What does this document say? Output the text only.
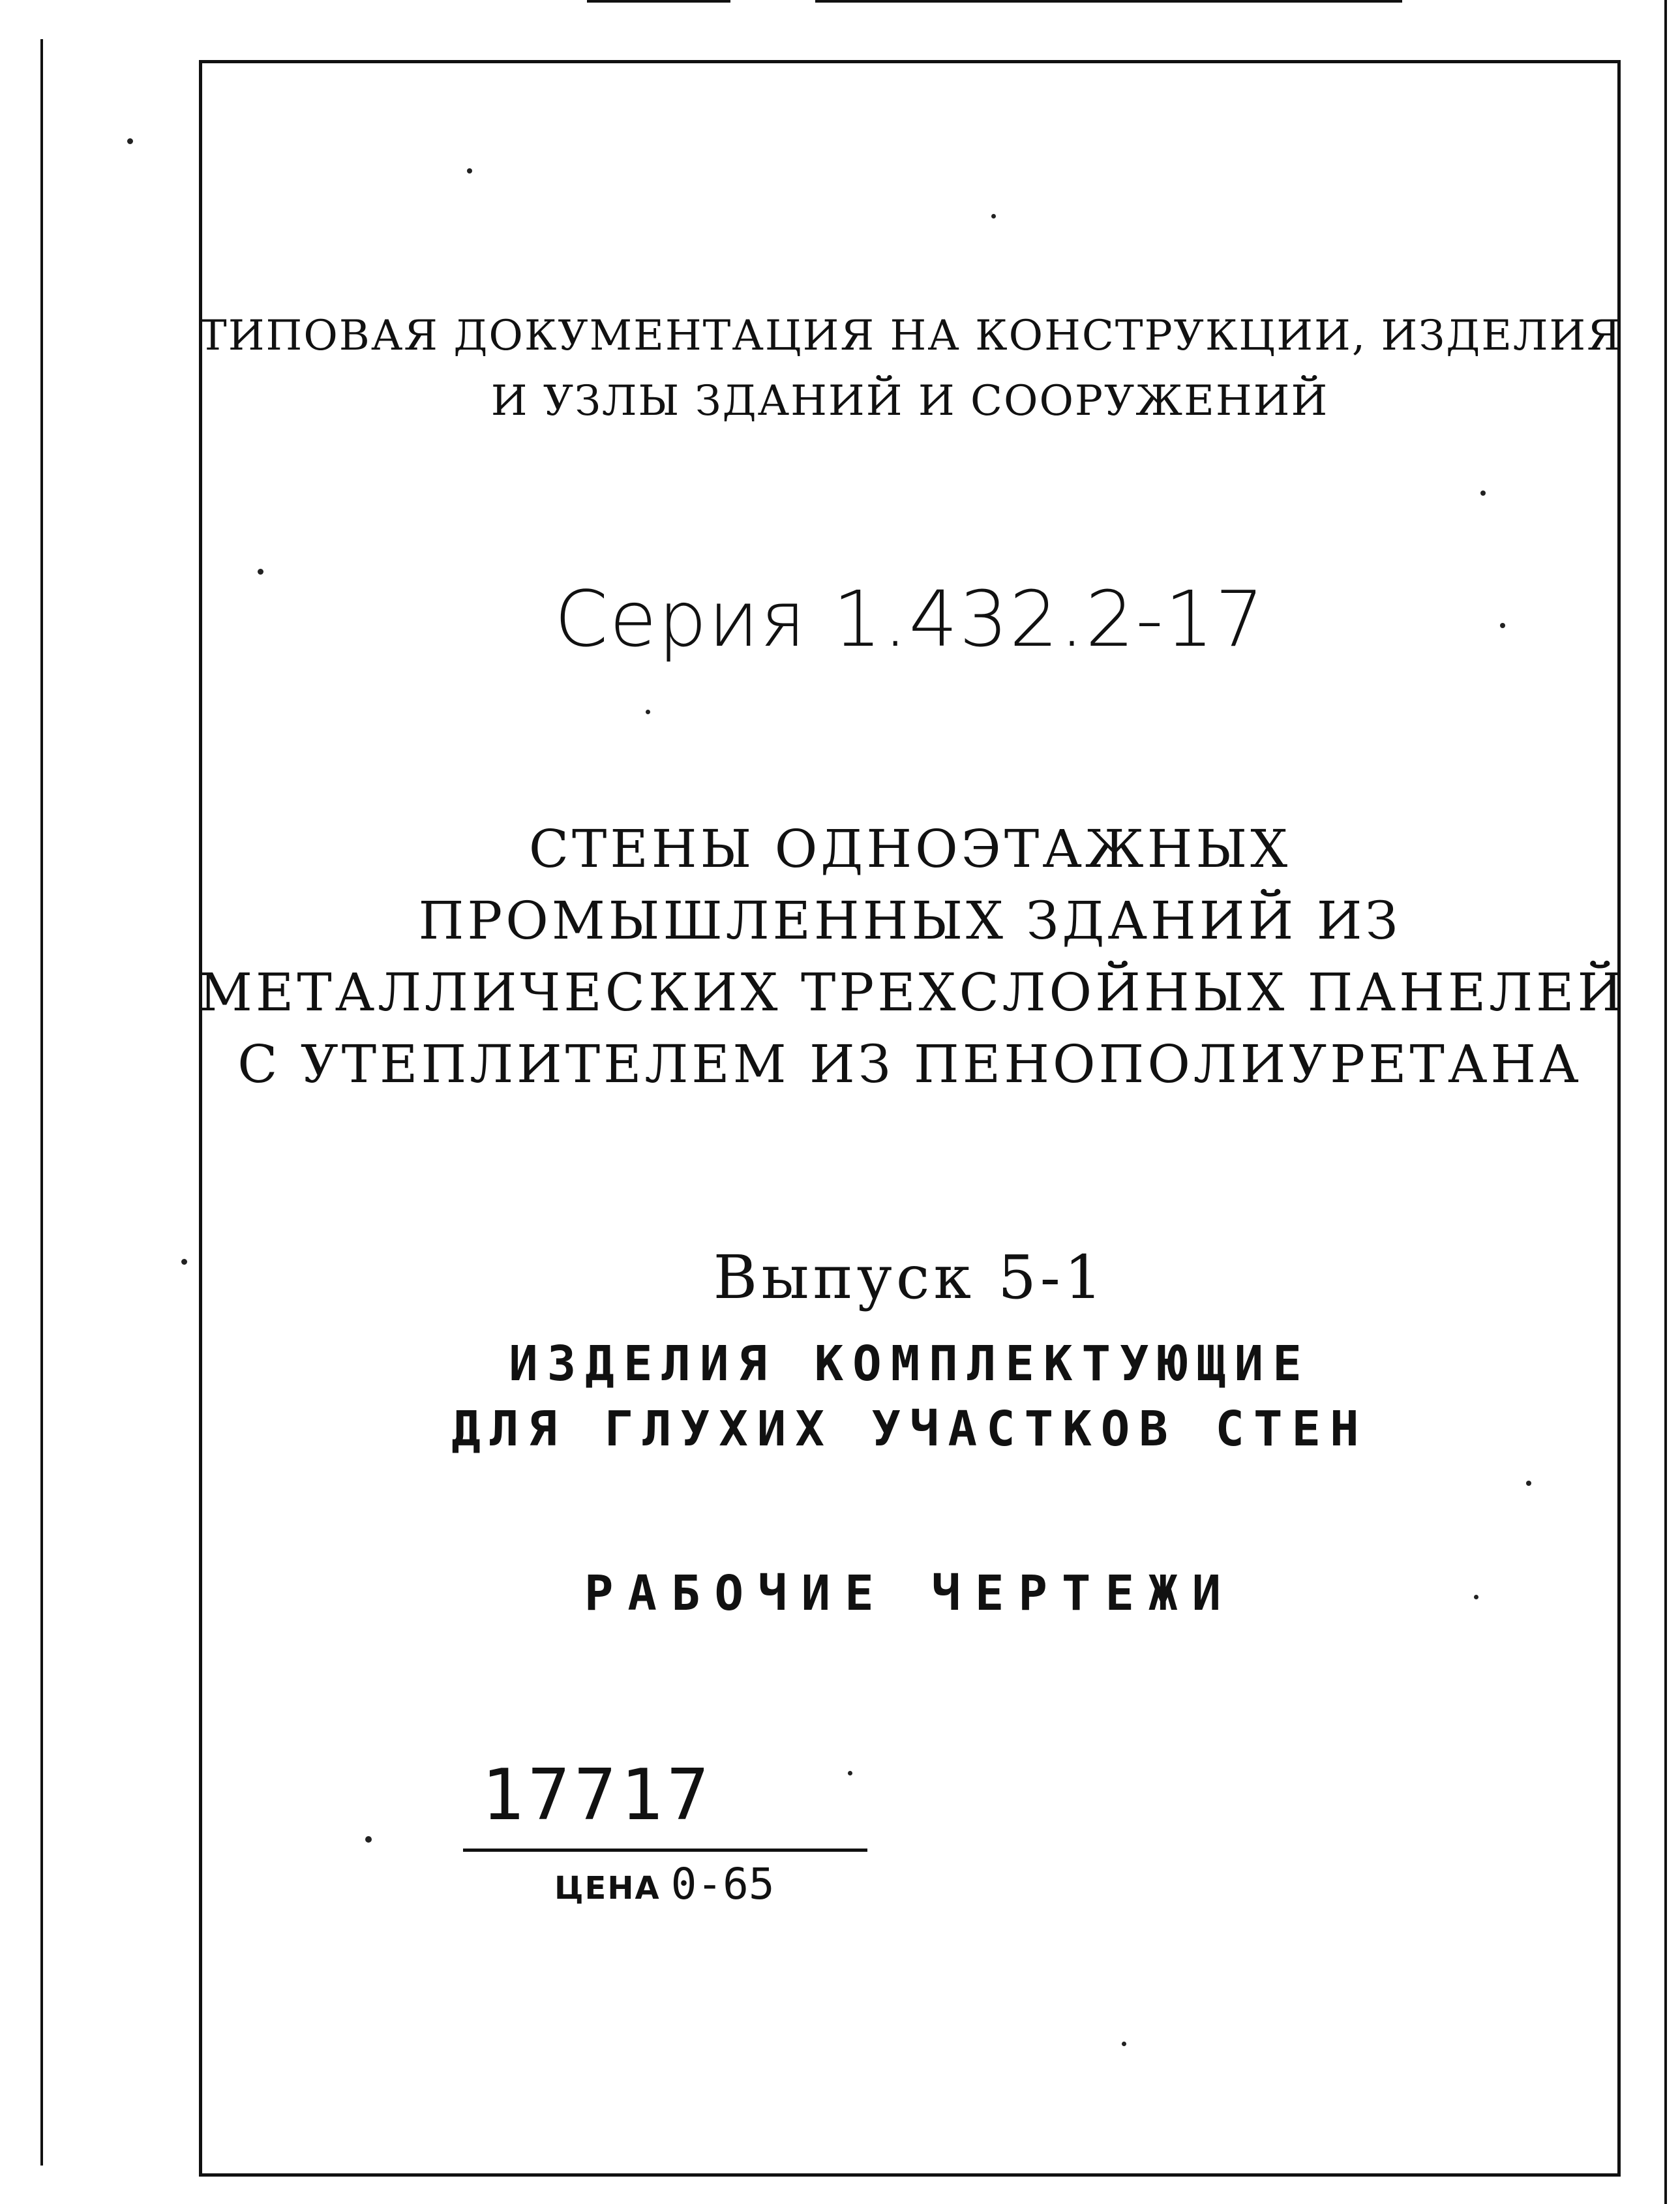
ТИПОВАЯ ДОКУМЕНТАЦИЯ НА КОНСТРУКЦИИ, ИЗДЕЛИЯ
И УЗЛЫ ЗДАНИЙ И СООРУЖЕНИЙ
Серия 1.432.2-17
СТЕНЫ ОДНОЭТАЖНЫХ
ПРОМЫШЛЕННЫХ ЗДАНИЙ ИЗ
МЕТАЛЛИЧЕСКИХ ТРЕХСЛОЙНЫХ ПАНЕЛЕЙ
С УТЕПЛИТЕЛЕМ ИЗ ПЕНОПОЛИУРЕТАНА
Выпуск 5-1
ИЗДЕЛИЯ КОМПЛЕКТУЮЩИЕ
ДЛЯ ГЛУХИХ УЧАСТКОВ СТЕН
РАБОЧИЕ ЧЕРТЕЖИ
17717
ЦЕНА 0-65
